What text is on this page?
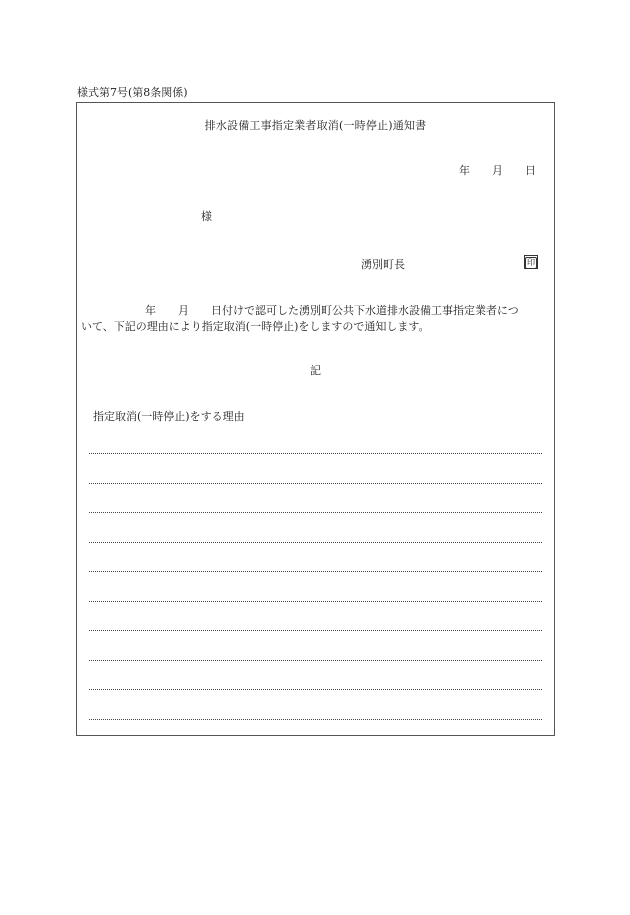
様式第7号(第8条関係)
排水設備工事指定業者取消(一時停止)通知書
年 月 日
様
湧別町長	印
年 月 日付けで認可した湧別町公共下水道排水設備工事指定業者につ
いて、下記の理由により指定取消(一時停止)をしますので通知します。
記
指定取消(一時停止)をする理由
